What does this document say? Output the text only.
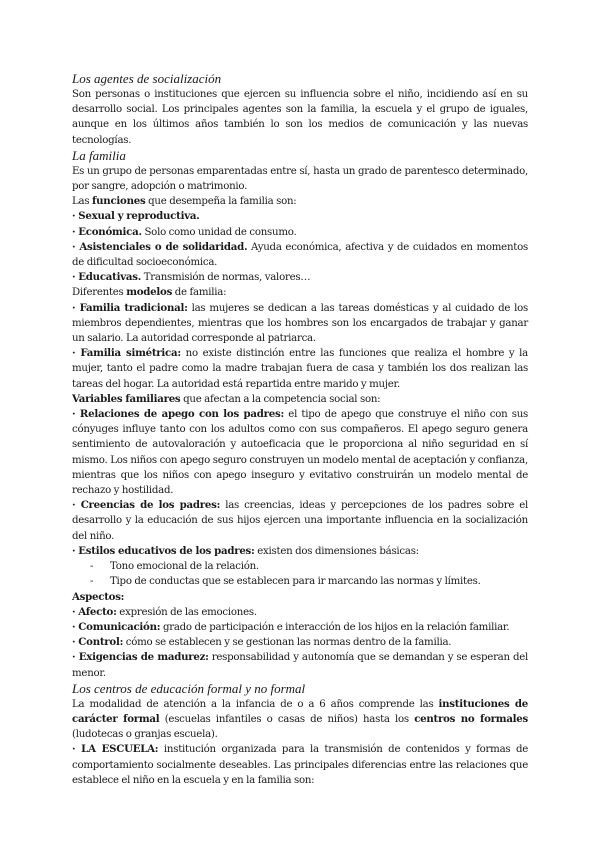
Los agentes de socialización

Son personas o instituciones que ejercen su influencia sobre el niño, incidiendo así en su desarrollo social. Los principales agentes son la familia, la escuela y el grupo de iguales, aunque en los últimos años también lo son los medios de comunicación y las nuevas tecnologías.

La familia

Es un grupo de personas emparentadas entre sí, hasta un grado de parentesco determinado, por sangre, adopción o matrimonio.

Las funciones que desempeña la familia son:

· Sexual y reproductiva.

· Económica. Solo como unidad de consumo.

· Asistenciales o de solidaridad. Ayuda económica, afectiva y de cuidados en momentos de dificultad socioeconómica.

· Educativas. Transmisión de normas, valores…

Diferentes modelos de familia:

· Familia tradicional: las mujeres se dedican a las tareas domésticas y al cuidado de los miembros dependientes, mientras que los hombres son los encargados de trabajar y ganar un salario. La autoridad corresponde al patriarca.

· Familia simétrica: no existe distinción entre las funciones que realiza el hombre y la mujer, tanto el padre como la madre trabajan fuera de casa y también los dos realizan las tareas del hogar. La autoridad está repartida entre marido y mujer.

Variables familiares que afectan a la competencia social son:

· Relaciones de apego con los padres: el tipo de apego que construye el niño con sus cónyuges influye tanto con los adultos como con sus compañeros. El apego seguro genera sentimiento de autovaloración y autoeficacia que le proporciona al niño seguridad en sí mismo. Los niños con apego seguro construyen un modelo mental de aceptación y confianza, mientras que los niños con apego inseguro y evitativo construirán un modelo mental de rechazo y hostilidad.

· Creencias de los padres: las creencias, ideas y percepciones de los padres sobre el desarrollo y la educación de sus hijos ejercen una importante influencia en la socialización del niño.

· Estilos educativos de los padres: existen dos dimensiones básicas:

- Tono emocional de la relación.

- Tipo de conductas que se establecen para ir marcando las normas y límites.

Aspectos:

· Afecto: expresión de las emociones.

· Comunicación: grado de participación e interacción de los hijos en la relación familiar.

· Control: cómo se establecen y se gestionan las normas dentro de la familia.

· Exigencias de madurez: responsabilidad y autonomía que se demandan y se esperan del menor.

Los centros de educación formal y no formal

La modalidad de atención a la infancia de o a 6 años comprende las instituciones de carácter formal (escuelas infantiles o casas de niños) hasta los centros no formales (ludotecas o granjas escuela).

· LA ESCUELA: institución organizada para la transmisión de contenidos y formas de comportamiento socialmente deseables. Las principales diferencias entre las relaciones que establece el niño en la escuela y en la familia son:
